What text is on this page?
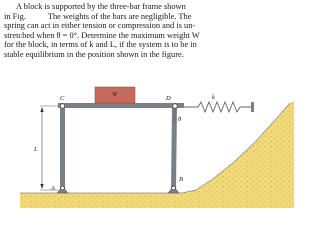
A block is supported by the three-bar frame shown
in Fig.	The weights of the bars are negligible. The
spring can act in either tension or compression and is un-
stretched when θ = 0°. Determine the maximum weight W
for the block, in terms of k and L, if the system is to be in
stable equilibrium in the position shown in the figure.
W
C	D	k
θ
L
A
B
